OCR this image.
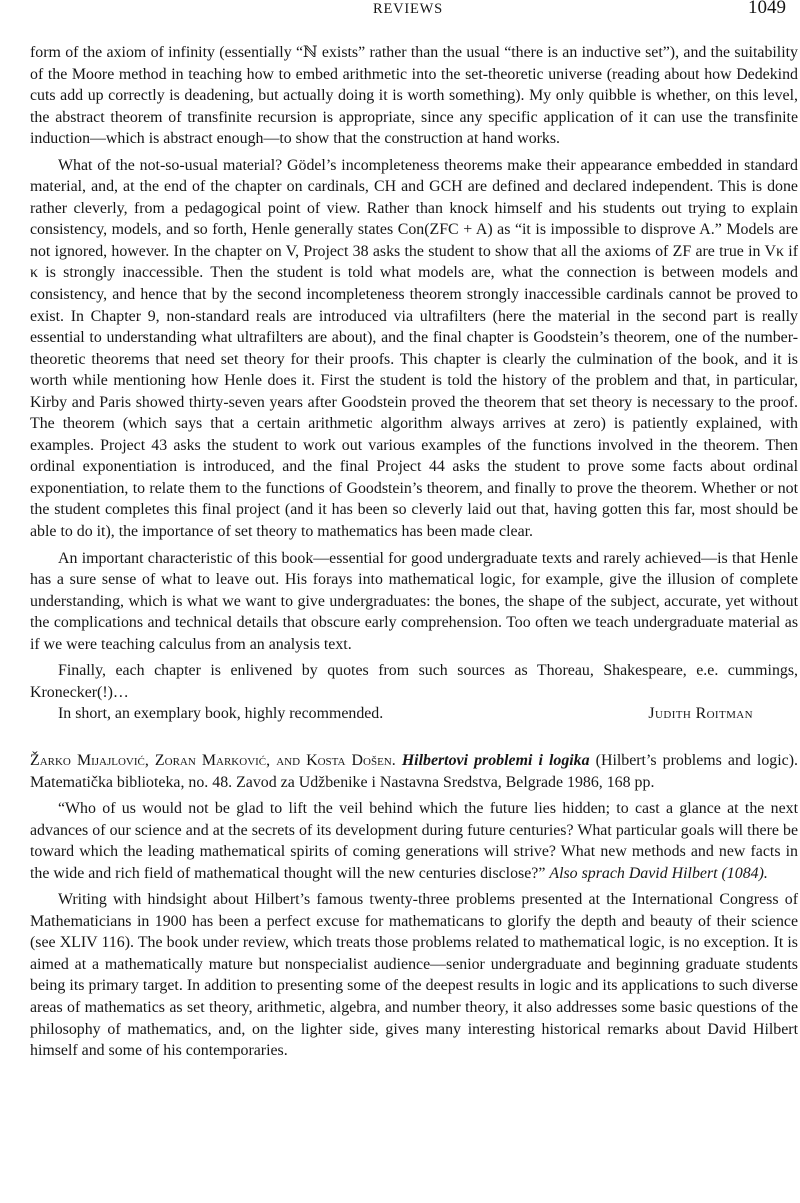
REVIEWS	1049

form of the axiom of infinity (essentially “ℕ exists” rather than the usual “there is an inductive set”), and the suitability of the Moore method in teaching how to embed arithmetic into the set-theoretic universe (reading about how Dedekind cuts add up correctly is deadening, but actually doing it is worth something). My only quibble is whether, on this level, the abstract theorem of transfinite recursion is appropriate, since any specific application of it can use the transfinite induction—which is abstract enough—to show that the construction at hand works.

What of the not-so-usual material? Gödel’s incompleteness theorems make their appearance embedded in standard material, and, at the end of the chapter on cardinals, CH and GCH are defined and declared independent. This is done rather cleverly, from a pedagogical point of view. Rather than knock himself and his students out trying to explain consistency, models, and so forth, Henle generally states Con(ZFC + A) as “it is impossible to disprove A.” Models are not ignored, however. In the chapter on V, Project 38 asks the student to show that all the axioms of ZF are true in Vκ if κ is strongly inaccessible. Then the student is told what models are, what the connection is between models and consistency, and hence that by the second incompleteness theorem strongly inaccessible cardinals cannot be proved to exist. In Chapter 9, non-standard reals are introduced via ultrafilters (here the material in the second part is really essential to understanding what ultrafilters are about), and the final chapter is Goodstein’s theorem, one of the number-theoretic theorems that need set theory for their proofs. This chapter is clearly the culmination of the book, and it is worth while mentioning how Henle does it. First the student is told the history of the problem and that, in particular, Kirby and Paris showed thirty-seven years after Goodstein proved the theorem that set theory is necessary to the proof. The theorem (which says that a certain arithmetic algorithm always arrives at zero) is patiently explained, with examples. Project 43 asks the student to work out various examples of the functions involved in the theorem. Then ordinal exponentiation is introduced, and the final Project 44 asks the student to prove some facts about ordinal exponentiation, to relate them to the functions of Goodstein’s theorem, and finally to prove the theorem. Whether or not the student completes this final project (and it has been so cleverly laid out that, having gotten this far, most should be able to do it), the importance of set theory to mathematics has been made clear.

An important characteristic of this book—essential for good undergraduate texts and rarely achieved—is that Henle has a sure sense of what to leave out. His forays into mathematical logic, for example, give the illusion of complete understanding, which is what we want to give undergraduates: the bones, the shape of the subject, accurate, yet without the complications and technical details that obscure early comprehension. Too often we teach undergraduate material as if we were teaching calculus from an analysis text.

Finally, each chapter is enlivened by quotes from such sources as Thoreau, Shakespeare, e.e. cummings, Kronecker(!)…

In short, an exemplary book, highly recommended.	Judith Roitman

Žarko Mijajlović, Zoran Marković, and Kosta Došen. Hilbertovi problemi i logika (Hilbert’s problems and logic). Matematička biblioteka, no. 48. Zavod za Udžbenike i Nastavna Sredstva, Belgrade 1986, 168 pp.

“Who of us would not be glad to lift the veil behind which the future lies hidden; to cast a glance at the next advances of our science and at the secrets of its development during future centuries? What particular goals will there be toward which the leading mathematical spirits of coming generations will strive? What new methods and new facts in the wide and rich field of mathematical thought will the new centuries disclose?” Also sprach David Hilbert (1084).

Writing with hindsight about Hilbert’s famous twenty-three problems presented at the International Congress of Mathematicians in 1900 has been a perfect excuse for mathematicans to glorify the depth and beauty of their science (see XLIV 116). The book under review, which treats those problems related to mathematical logic, is no exception. It is aimed at a mathematically mature but nonspecialist audience—senior undergraduate and beginning graduate students being its primary target. In addition to presenting some of the deepest results in logic and its applications to such diverse areas of mathematics as set theory, arithmetic, algebra, and number theory, it also addresses some basic questions of the philosophy of mathematics, and, on the lighter side, gives many interesting historical remarks about David Hilbert himself and some of his contemporaries.
